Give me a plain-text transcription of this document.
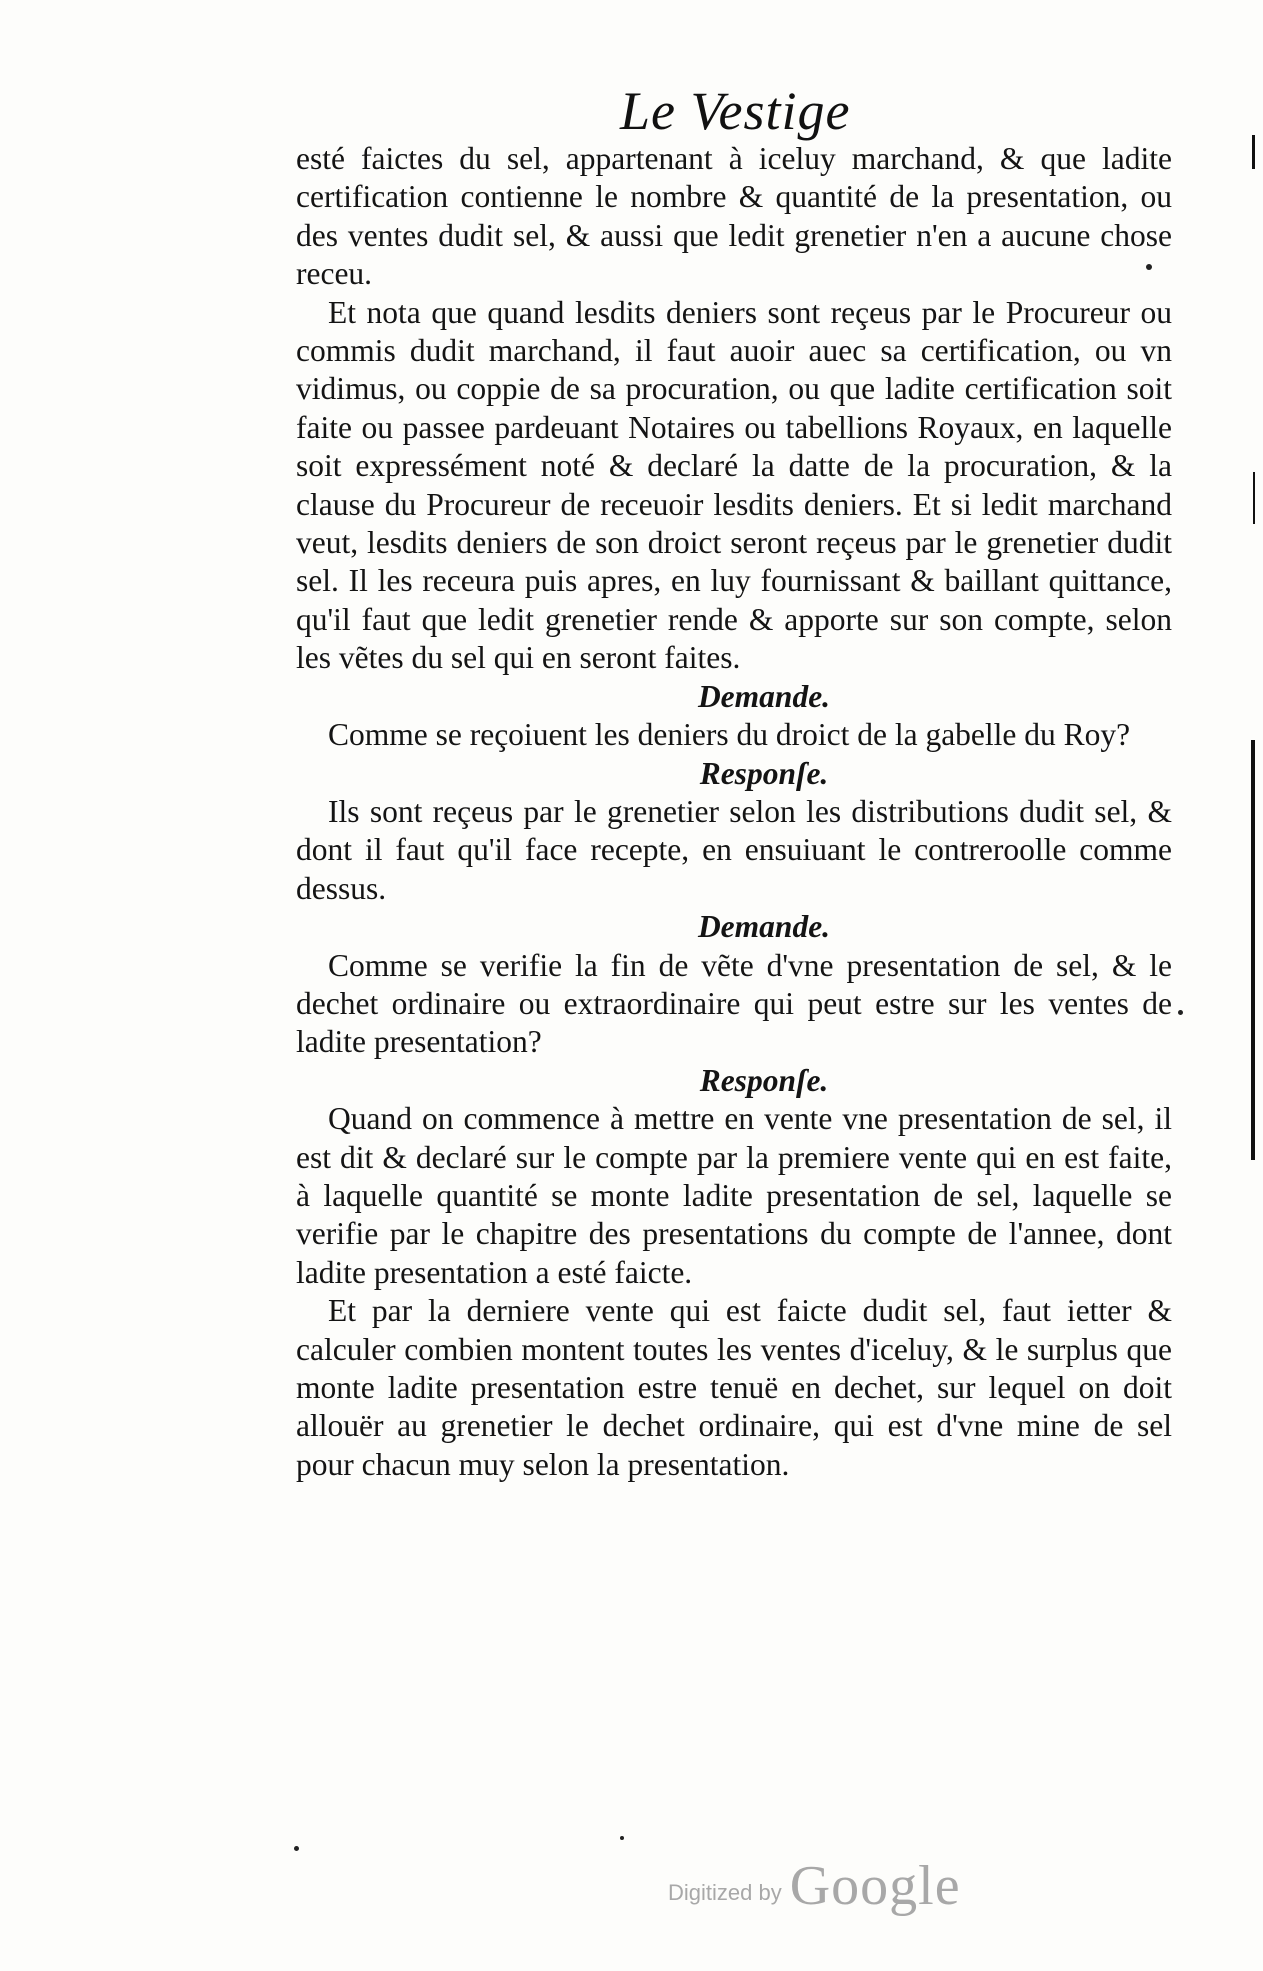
Le Vestige

esté faictes du sel, appartenant à iceluy marchand, & que ladite certification contienne le nombre & quantité de la presentation, ou des ventes dudit sel, & aussi que ledit grenetier n'en a aucune chose receu.

Et nota que quand lesdits deniers sont reçeus par le Procureur ou commis dudit marchand, il faut auoir auec sa certification, ou vn vidimus, ou coppie de sa procuration, ou que ladite certification soit faite ou passee pardeuant Notaires ou tabellions Royaux, en laquelle soit expressément noté & declaré la datte de la procuration, & la clause du Procureur de receuoir lesdits deniers. Et si ledit marchand veut, lesdits deniers de son droict seront reçeus par le grenetier dudit sel. Il les receura puis apres, en luy fournissant & baillant quittance, qu'il faut que ledit grenetier rende & apporte sur son compte, selon les vẽtes du sel qui en seront faites.

Demande.

Comme se reçoiuent les deniers du droict de la gabelle du Roy?

Responſe.

Ils sont reçeus par le grenetier selon les distributions dudit sel, & dont il faut qu'il face recepte, en ensuiuant le contreroolle comme dessus.

Demande.

Comme se verifie la fin de vẽte d'vne presentation de sel, & le dechet ordinaire ou extraordinaire qui peut estre sur les ventes de ladite presentation?

Responſe.

Quand on commence à mettre en vente vne presentation de sel, il est dit & declaré sur le compte par la premiere vente qui en est faite, à laquelle quantité se monte ladite presentation de sel, laquelle se verifie par le chapitre des presentations du compte de l'annee, dont ladite presentation a esté faicte.

Et par la derniere vente qui est faicte dudit sel, faut ietter & calculer combien montent toutes les ventes d'iceluy, & le surplus que monte ladite presentation estre tenuë en dechet, sur lequel on doit allouër au grenetier le dechet ordinaire, qui est d'vne mine de sel pour chacun muy selon la presentation.

Digitized by Google
